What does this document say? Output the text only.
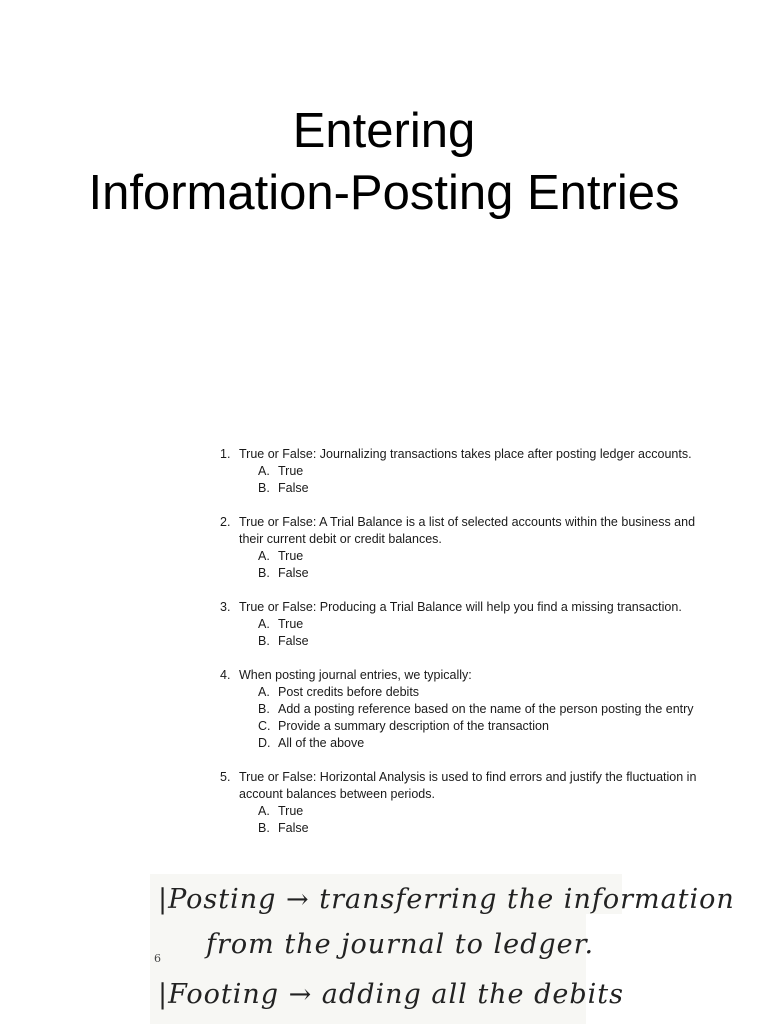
Entering
Information-Posting Entries
1. True or False: Journalizing transactions takes place after posting ledger accounts.
A. True
B. False
2. True or False: A Trial Balance is a list of selected accounts within the business and their current debit or credit balances.
A. True
B. False
3. True or False: Producing a Trial Balance will help you find a missing transaction.
A. True
B. False
4. When posting journal entries, we typically:
A. Post credits before debits
B. Add a posting reference based on the name of the person posting the entry
C. Provide a summary description of the transaction
D. All of the above
5. True or False: Horizontal Analysis is used to find errors and justify the fluctuation in account balances between periods.
A. True
B. False
|Posting → transferring the information
6 from the journal to ledger.
|Footing → adding all the debits
